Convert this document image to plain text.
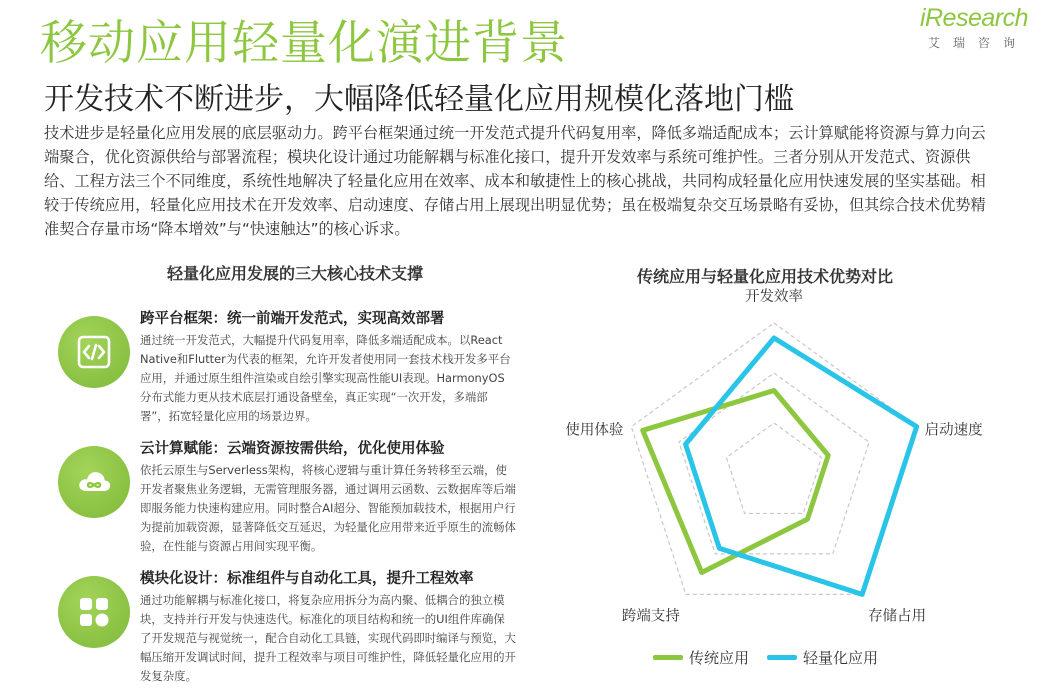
移动应用轻量化演进背景	iResearch
艾瑞咨询
开发技术不断进步，大幅降低轻量化应用规模化落地门槛
技术进步是轻量化应用发展的底层驱动力。跨平台框架通过统一开发范式提升代码复用率，降低多端适配成本；云计算赋能将资源与算力向云端聚合，优化资源供给与部署流程；模块化设计通过功能解耦与标准化接口，提升开发效率与系统可维护性。三者分别从开发范式、资源供给、工程方法三个不同维度，系统性地解决了轻量化应用在效率、成本和敏捷性上的核心挑战，共同构成轻量化应用快速发展的坚实基础。相较于传统应用，轻量化应用技术在开发效率、启动速度、存储占用上展现出明显优势；虽在极端复杂交互场景略有妥协，但其综合技术优势精准契合存量市场“降本增效”与“快速触达”的核心诉求。
轻量化应用发展的三大核心技术支撑	传统应用与轻量化应用技术优势对比
跨平台框架：统一前端开发范式，实现高效部署
通过统一开发范式，大幅提升代码复用率，降低多端适配成本。以React Native和Flutter为代表的框架，允许开发者使用同一套技术栈开发多平台应用，并通过原生组件渲染或自绘引擎实现高性能UI表现。HarmonyOS分布式能力更从技术底层打通设备壁垒，真正实现“一次开发，多端部署”，拓宽轻量化应用的场景边界。
云计算赋能：云端资源按需供给，优化使用体验
依托云原生与Serverless架构，将核心逻辑与重计算任务转移至云端，使开发者聚焦业务逻辑，无需管理服务器，通过调用云函数、云数据库等后端即服务能力快速构建应用。同时整合AI超分、智能预加载技术，根据用户行为提前加载资源，显著降低交互延迟，为轻量化应用带来近乎原生的流畅体验，在性能与资源占用间实现平衡。
模块化设计：标准组件与自动化工具，提升工程效率
通过功能解耦与标准化接口，将复杂应用拆分为高内聚、低耦合的独立模块，支持并行开发与快速迭代。标准化的项目结构和统一的UI组件库确保了开发规范与视觉统一，配合自动化工具链，实现代码即时编译与预览，大幅压缩开发调试时间，提升工程效率与项目可维护性，降低轻量化应用的开发复杂度。
开发效率
启动速度
存储占用
跨端支持
使用体验
传统应用	轻量化应用
